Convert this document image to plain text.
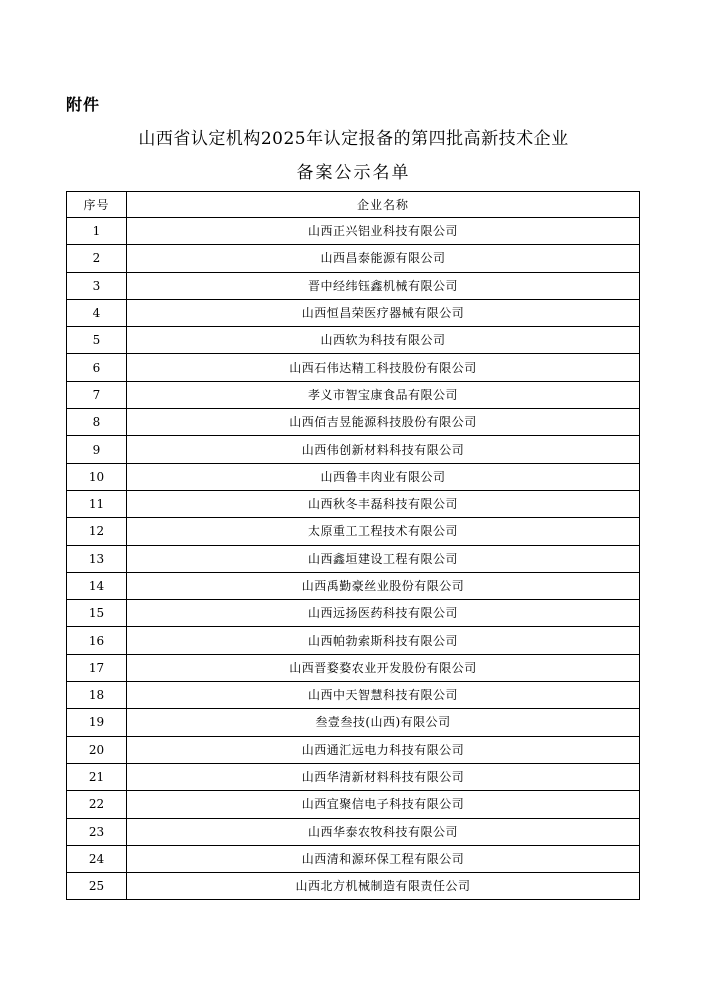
附件
山西省认定机构2025年认定报备的第四批高新技术企业
备案公示名单
序号	企业名称
1	山西正兴铝业科技有限公司
2	山西昌泰能源有限公司
3	晋中经纬钰鑫机械有限公司
4	山西恒昌荣医疗器械有限公司
5	山西软为科技有限公司
6	山西石伟达精工科技股份有限公司
7	孝义市智宝康食品有限公司
8	山西佰吉昱能源科技股份有限公司
9	山西伟创新材料科技有限公司
10	山西鲁丰肉业有限公司
11	山西秋冬丰磊科技有限公司
12	太原重工工程技术有限公司
13	山西鑫垣建设工程有限公司
14	山西禹勤豪丝业股份有限公司
15	山西远扬医药科技有限公司
16	山西帕勃索斯科技有限公司
17	山西晋婺婺农业开发股份有限公司
18	山西中天智慧科技有限公司
19	叁壹叁技(山西)有限公司
20	山西通汇远电力科技有限公司
21	山西华清新材料科技有限公司
22	山西宜聚信电子科技有限公司
23	山西华泰农牧科技有限公司
24	山西清和源环保工程有限公司
25	山西北方机械制造有限责任公司
